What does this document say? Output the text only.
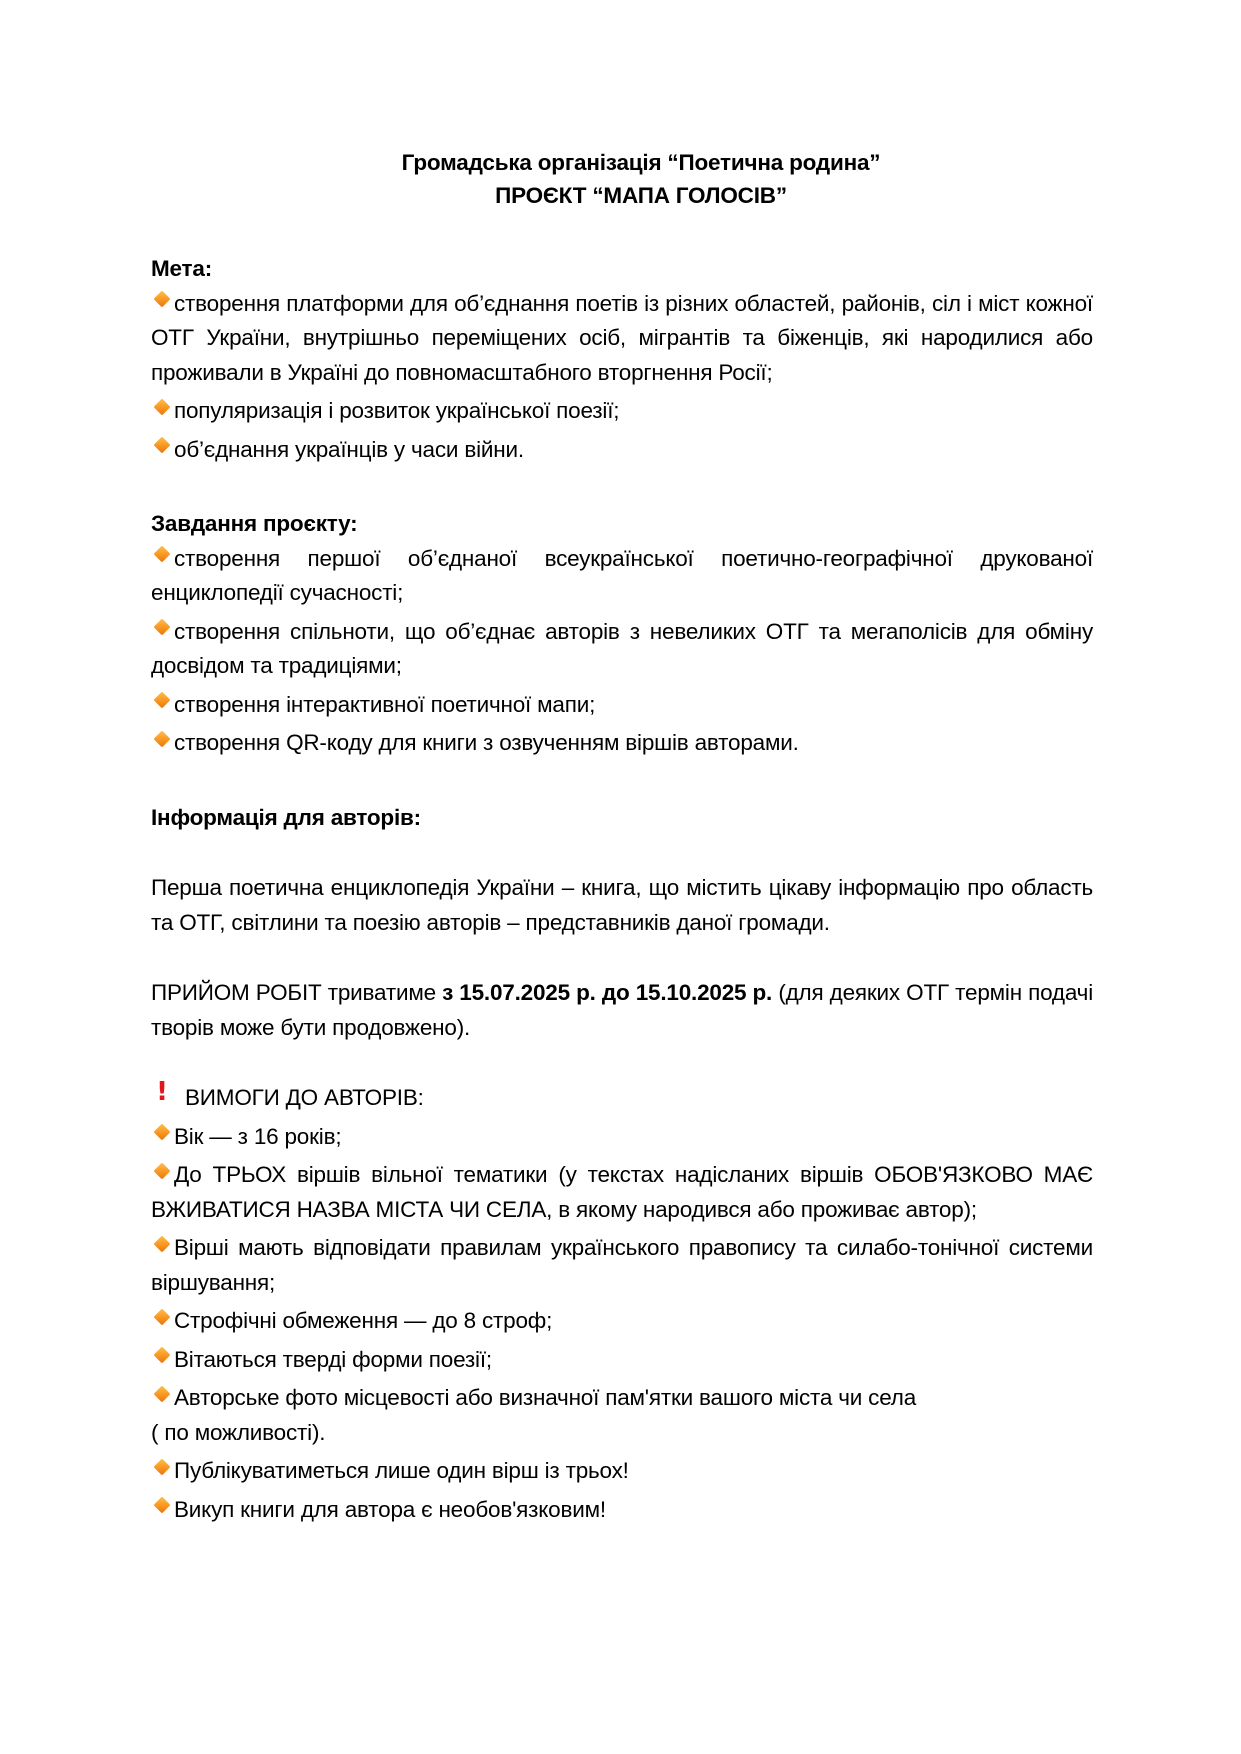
Громадська організація “Поетична родина”
ПРОЄКТ “МАПА ГОЛОСІВ”

Мета:

створення платформи для об’єднання поетів із різних областей, районів, сіл і міст кожної ОТГ України, внутрішньо переміщених осіб, мігрантів та біженців, які народилися або проживали в Україні до повномасштабного вторгнення Росії;
популяризація і розвиток української поезії;
об’єднання українців у часи війни.

Завдання проєкту:

створення першої об’єднаної всеукраїнської поетично-географічної друкованої енциклопедії сучасності;
створення спільноти, що об’єднає авторів з невеликих ОТГ та мегаполісів для обміну досвідом та традиціями;
створення інтерактивної поетичної мапи;
створення QR-коду для книги з озвученням віршів авторами.

Інформація для авторів:

Перша поетична енциклопедія України – книга, що містить цікаву інформацію про область та ОТГ, світлини та поезію авторів – представників даної громади.

ПРИЙОМ РОБІТ триватиме з 15.07.2025 р. до 15.10.2025 р. (для деяких ОТГ термін подачі творів може бути продовжено).

! ВИМОГИ ДО АВТОРІВ:

Вік — з 16 років;
До ТРЬОХ віршів вільної тематики (у текстах надісланих віршів ОБОВ'ЯЗКОВО МАЄ ВЖИВАТИСЯ НАЗВА МІСТА ЧИ СЕЛА, в якому народився або проживає автор);
Вірші мають відповідати правилам українського правопису та силабо-тонічної системи віршування;
Строфічні обмеження — до 8 строф;
Вітаються тверді форми поезії;
Авторське фото місцевості або визначної пам'ятки вашого міста чи села
( по можливості).
Публікуватиметься лише один вірш із трьох!
Викуп книги для автора є необов'язковим!
